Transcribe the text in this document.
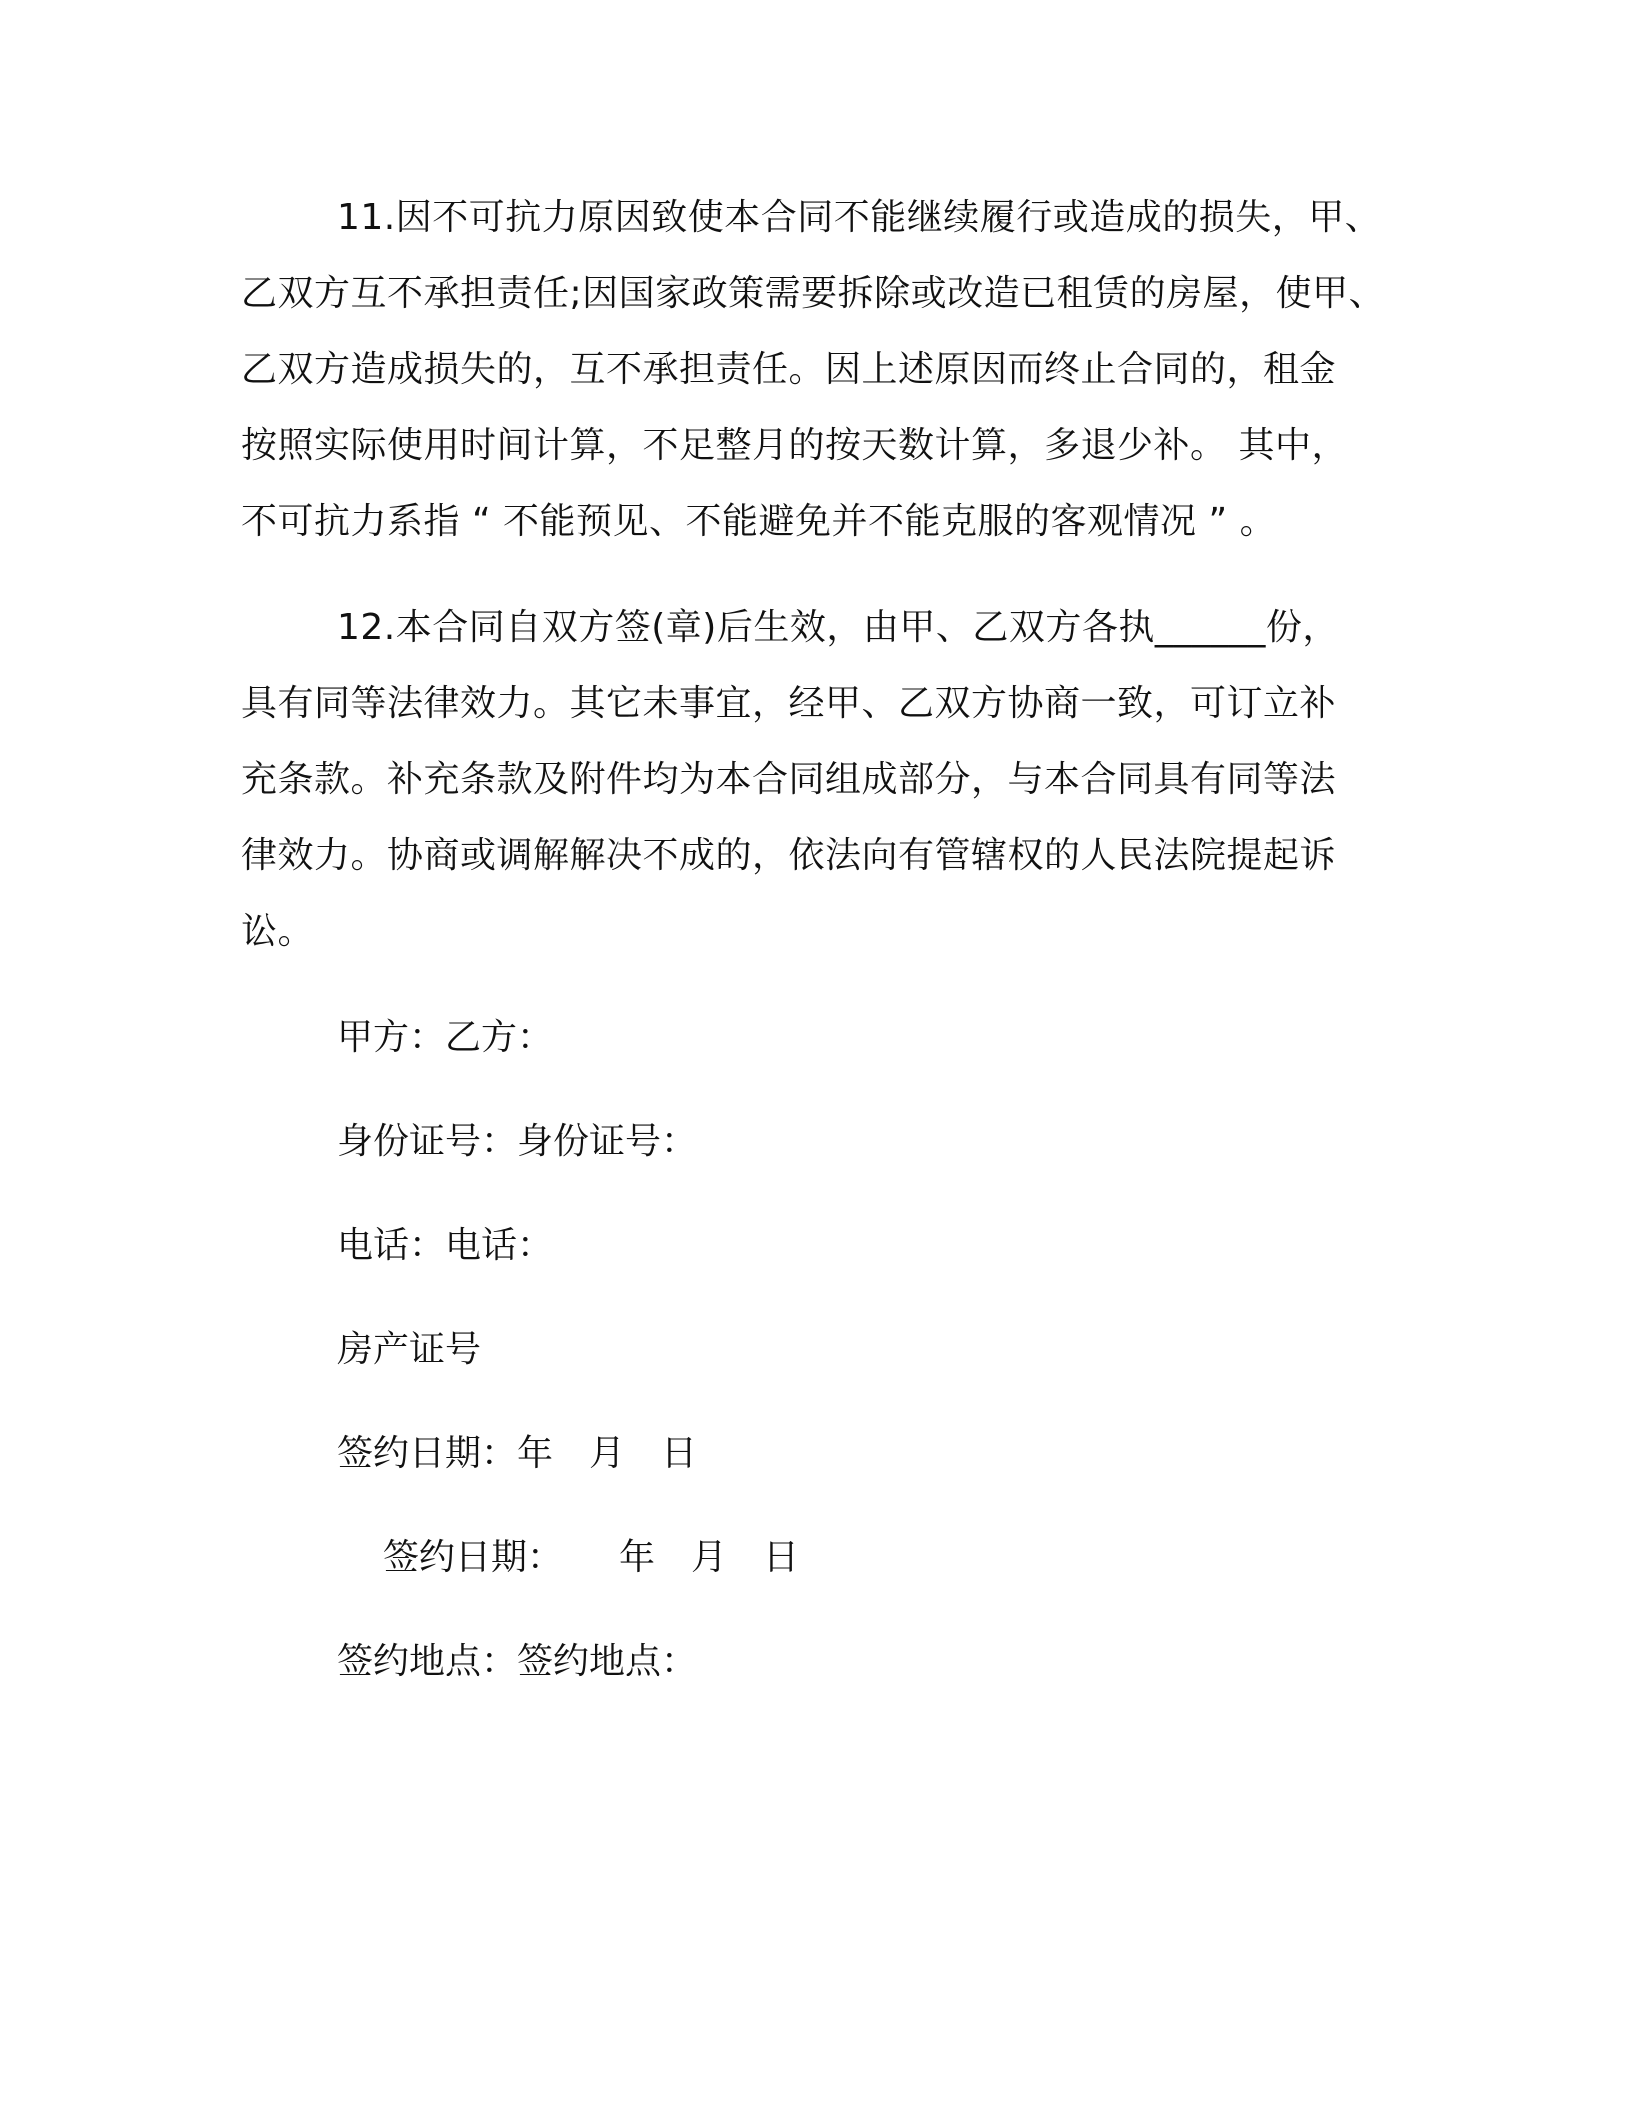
11.因不可抗力原因致使本合同不能继续履行或造成的损失，甲、
乙双方互不承担责任;因国家政策需要拆除或改造已租赁的房屋，使甲、
乙双方造成损失的，互不承担责任。因上述原因而终止合同的，租金
按照实际使用时间计算，不足整月的按天数计算，多退少补。 其中，
不可抗力系指 “ 不能预见、不能避免并不能克服的客观情况 ” 。
12.本合同自双方签(章)后生效，由甲、乙双方各执______份，
具有同等法律效力。其它未事宜，经甲、乙双方协商一致，可订立补
充条款。补充条款及附件均为本合同组成部分，与本合同具有同等法
律效力。协商或调解解决不成的，依法向有管辖权的人民法院提起诉
讼。
甲方：乙方：
身份证号：身份证号：
电话：电话：
房产证号
签约日期：年 月 日
签约日期： 年 月 日
签约地点：签约地点：
